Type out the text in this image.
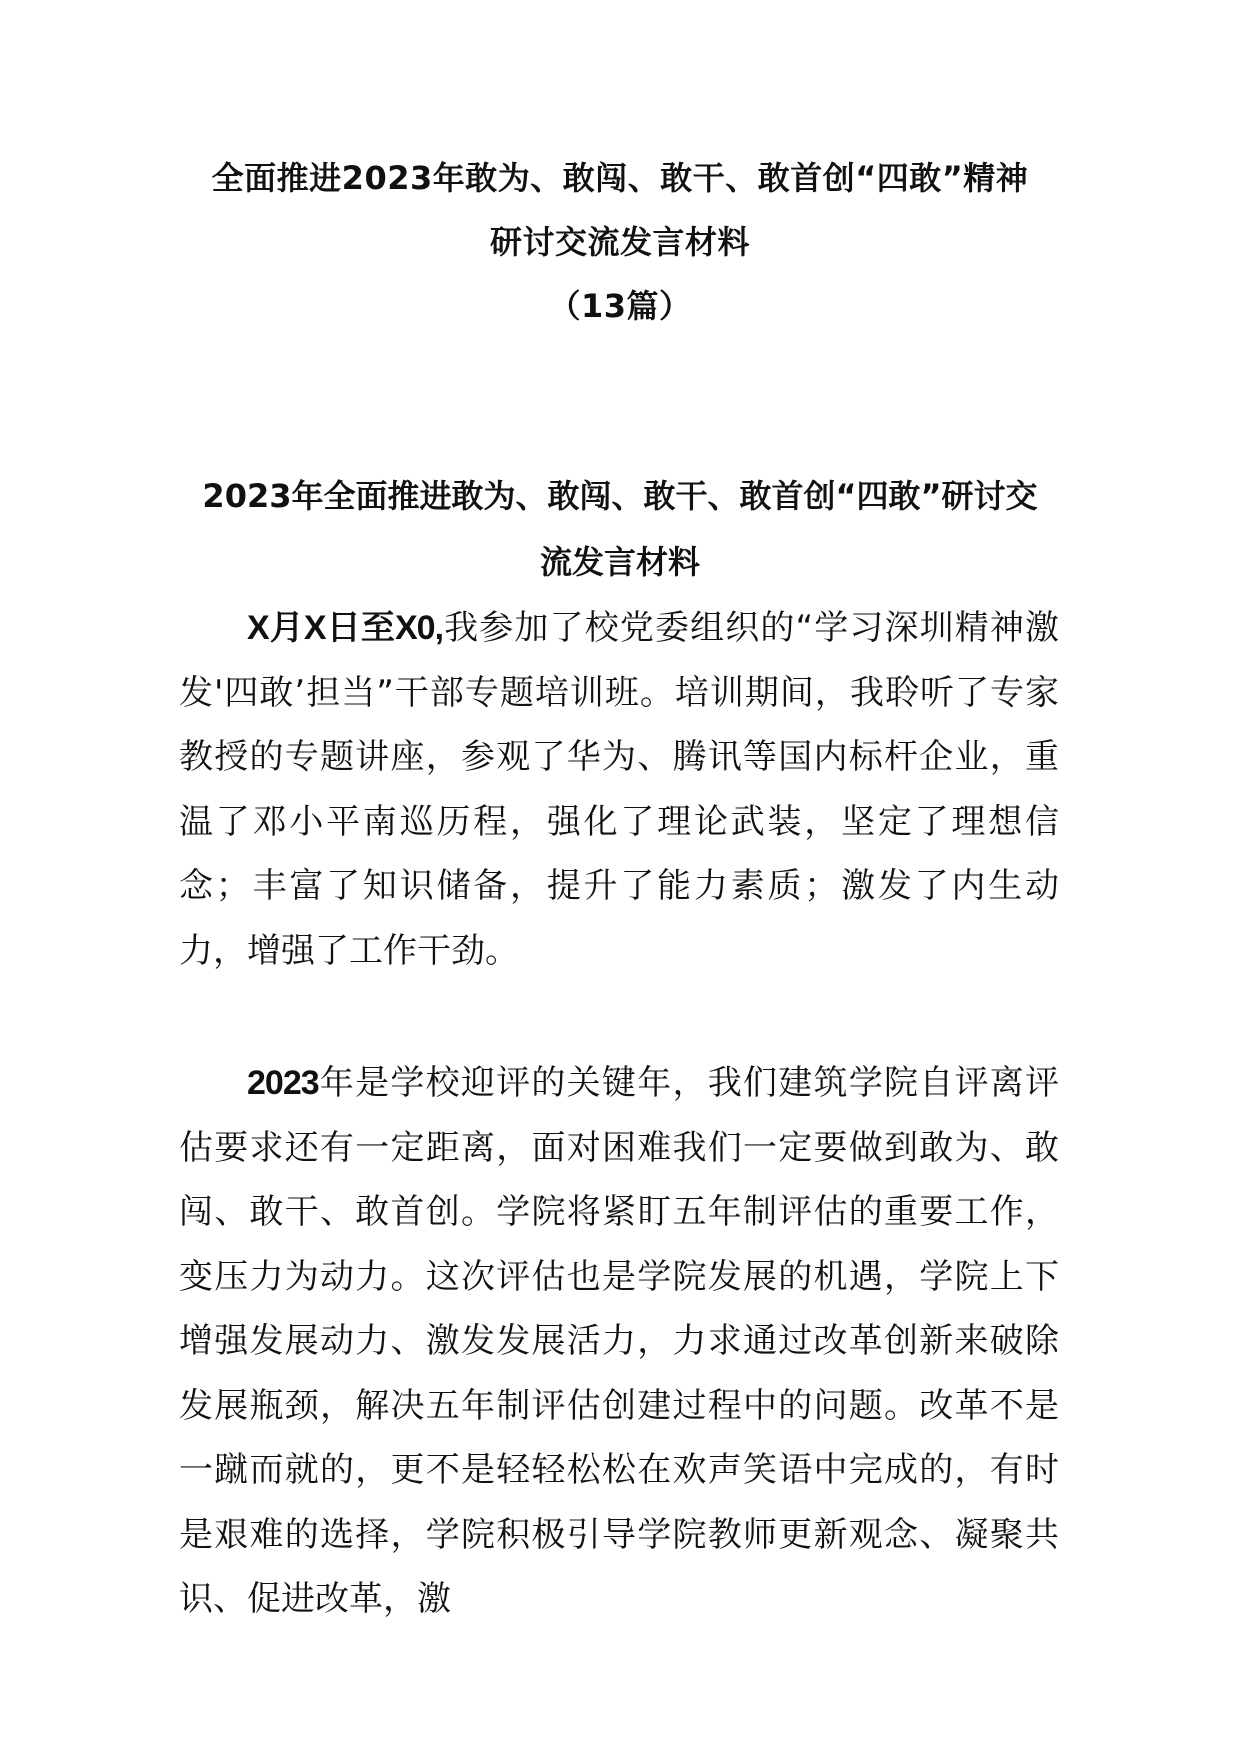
全面推进2023年敢为、敢闯、敢干、敢首创“四敢”精神
研讨交流发言材料
（13篇）
2023年全面推进敢为、敢闯、敢干、敢首创“四敢”研讨交
流发言材料

X月X日至X0,我参加了校党委组织的“学习深圳精神激发'四敢’担当”干部专题培训班。培训期间，我聆听了专家教授的专题讲座，参观了华为、腾讯等国内标杆企业，重温了邓小平南巡历程，强化了理论武装，坚定了理想信念；丰富了知识储备，提升了能力素质；激发了内生动力，增强了工作干劲。

2023年是学校迎评的关键年，我们建筑学院自评离评估要求还有一定距离，面对困难我们一定要做到敢为、敢闯、敢干、敢首创。学院将紧盯五年制评估的重要工作，变压力为动力。这次评估也是学院发展的机遇，学院上下增强发展动力、激发发展活力，力求通过改革创新来破除发展瓶颈，解决五年制评估创建过程中的问题。改革不是一蹴而就的，更不是轻轻松松在欢声笑语中完成的，有时是艰难的选择，学院积极引导学院教师更新观念、凝聚共识、促进改革，激
